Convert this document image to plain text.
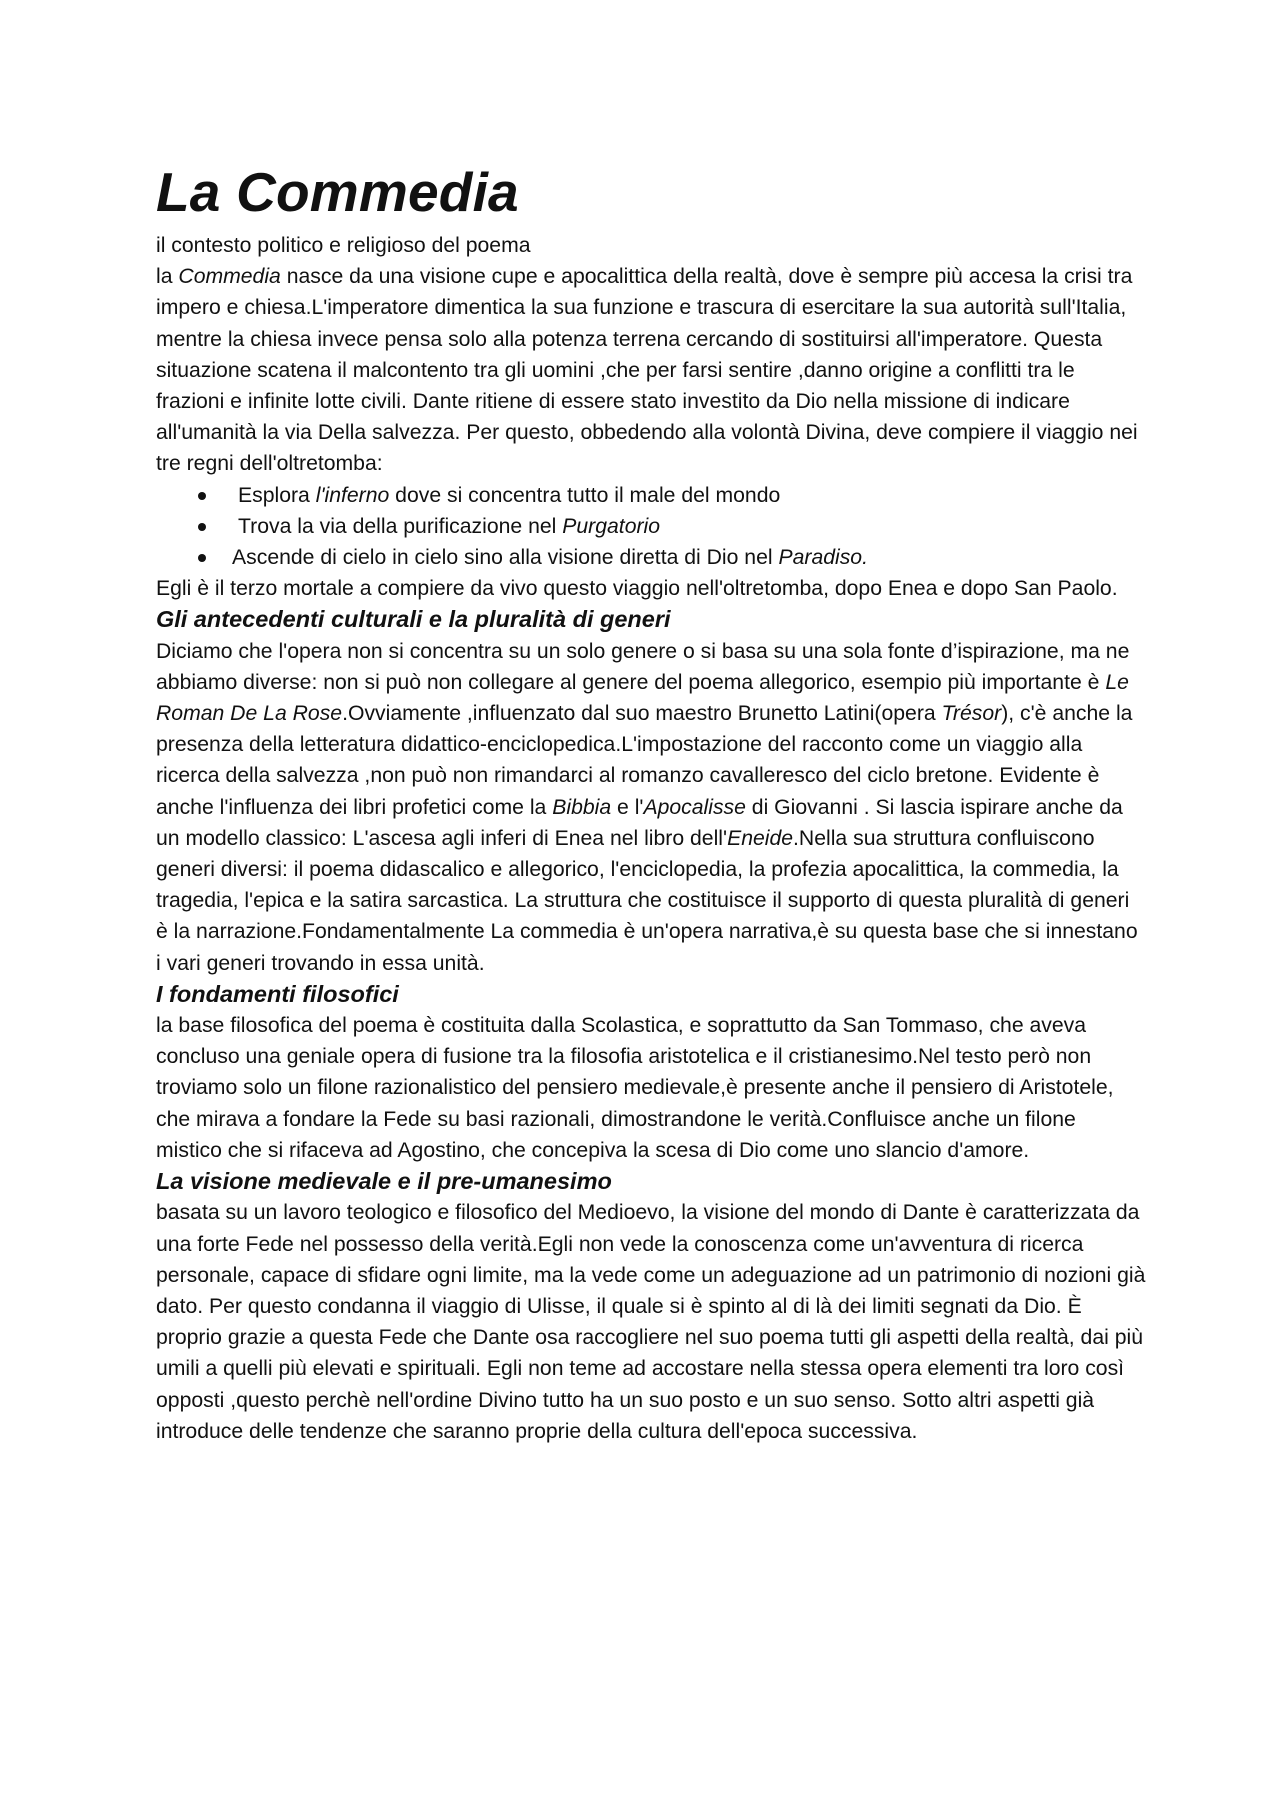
La Commedia

il contesto politico e religioso del poema

la Commedia nasce da una visione cupe e apocalittica della realtà, dove è sempre più accesa la crisi tra impero e chiesa.L'imperatore dimentica la sua funzione e trascura di esercitare la sua autorità sull'Italia, mentre la chiesa invece pensa solo alla potenza terrena cercando di sostituirsi all'imperatore. Questa situazione scatena il malcontento tra gli uomini ,che per farsi sentire ,danno origine a conflitti tra le frazioni e infinite lotte civili. Dante ritiene di essere stato investito da Dio nella missione di indicare all'umanità la via Della salvezza. Per questo, obbedendo alla volontà Divina, deve compiere il viaggio nei tre regni dell'oltretomba:

Esplora l'inferno dove si concentra tutto il male del mondo
Trova la via della purificazione nel Purgatorio
Ascende di cielo in cielo sino alla visione diretta di Dio nel Paradiso.

Egli è il terzo mortale a compiere da vivo questo viaggio nell'oltretomba, dopo Enea e dopo San Paolo.

Gli antecedenti culturali e la pluralità di generi

Diciamo che l'opera non si concentra su un solo genere o si basa su una sola fonte d’ispirazione, ma ne abbiamo diverse: non si può non collegare al genere del poema allegorico, esempio più importante è Le Roman De La Rose.Ovviamente ,influenzato dal suo maestro Brunetto Latini(opera Trésor), c'è anche la presenza della letteratura didattico-enciclopedica.L'impostazione del racconto come un viaggio alla ricerca della salvezza ,non può non rimandarci al romanzo cavalleresco del ciclo bretone. Evidente è anche l'influenza dei libri profetici come la Bibbia e l'Apocalisse di Giovanni . Si lascia ispirare anche da un modello classico: L'ascesa agli inferi di Enea nel libro dell'Eneide.Nella sua struttura confluiscono generi diversi: il poema didascalico e allegorico, l'enciclopedia, la profezia apocalittica, la commedia, la tragedia, l'epica e la satira sarcastica. La struttura che costituisce il supporto di questa pluralità di generi è la narrazione.Fondamentalmente La commedia è un'opera narrativa,è su questa base che si innestano i vari generi trovando in essa unità.

I fondamenti filosofici

la base filosofica del poema è costituita dalla Scolastica, e soprattutto da San Tommaso, che aveva concluso una geniale opera di fusione tra la filosofia aristotelica e il cristianesimo.Nel testo però non troviamo solo un filone razionalistico del pensiero medievale,è presente anche il pensiero di Aristotele, che mirava a fondare la Fede su basi razionali, dimostrandone le verità.Confluisce anche un filone mistico che si rifaceva ad Agostino, che concepiva la scesa di Dio come uno slancio d'amore.

La visione medievale e il pre-umanesimo

basata su un lavoro teologico e filosofico del Medioevo, la visione del mondo di Dante è caratterizzata da una forte Fede nel possesso della verità.Egli non vede la conoscenza come un'avventura di ricerca personale, capace di sfidare ogni limite, ma la vede come un adeguazione ad un patrimonio di nozioni già dato. Per questo condanna il viaggio di Ulisse, il quale si è spinto al di là dei limiti segnati da Dio. È proprio grazie a questa Fede che Dante osa raccogliere nel suo poema tutti gli aspetti della realtà, dai più umili a quelli più elevati e spirituali. Egli non teme ad accostare nella stessa opera elementi tra loro così opposti ,questo perchè nell'ordine Divino tutto ha un suo posto e un suo senso. Sotto altri aspetti già introduce delle tendenze che saranno proprie della cultura dell'epoca successiva.
